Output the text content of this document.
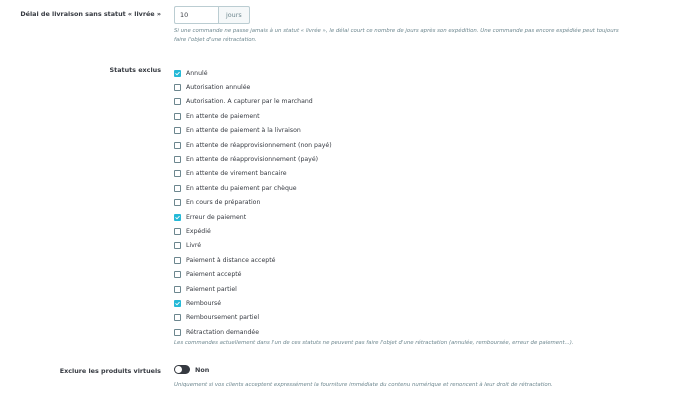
Délai de livraison sans statut « livrée »
10	jours
Si une commande ne passe jamais à un statut « livrée », le délai court ce nombre de jours après son expédition. Une commande pas encore expédiée peut toujours
faire l'objet d'une rétractation.
Statuts exclus	Annulé
Autorisation annulée
Autorisation. A capturer par le marchand
En attente de paiement
En attente de paiement à la livraison
En attente de réapprovisionnement (non payé)
En attente de réapprovisionnement (payé)
En attente de virement bancaire
En attente du paiement par chèque
En cours de préparation
Erreur de paiement
Expédié
Livré
Paiement à distance accepté
Paiement accepté
Paiement partiel
Remboursé
Remboursement partiel
Rétractation demandée
Les commandes actuellement dans l'un de ces statuts ne peuvent pas faire l'objet d'une rétractation (annulée, remboursée, erreur de paiement...).
Exclure les produits virtuels	Non
Uniquement si vos clients acceptent expressément la fourniture immédiate du contenu numérique et renoncent à leur droit de rétractation.
